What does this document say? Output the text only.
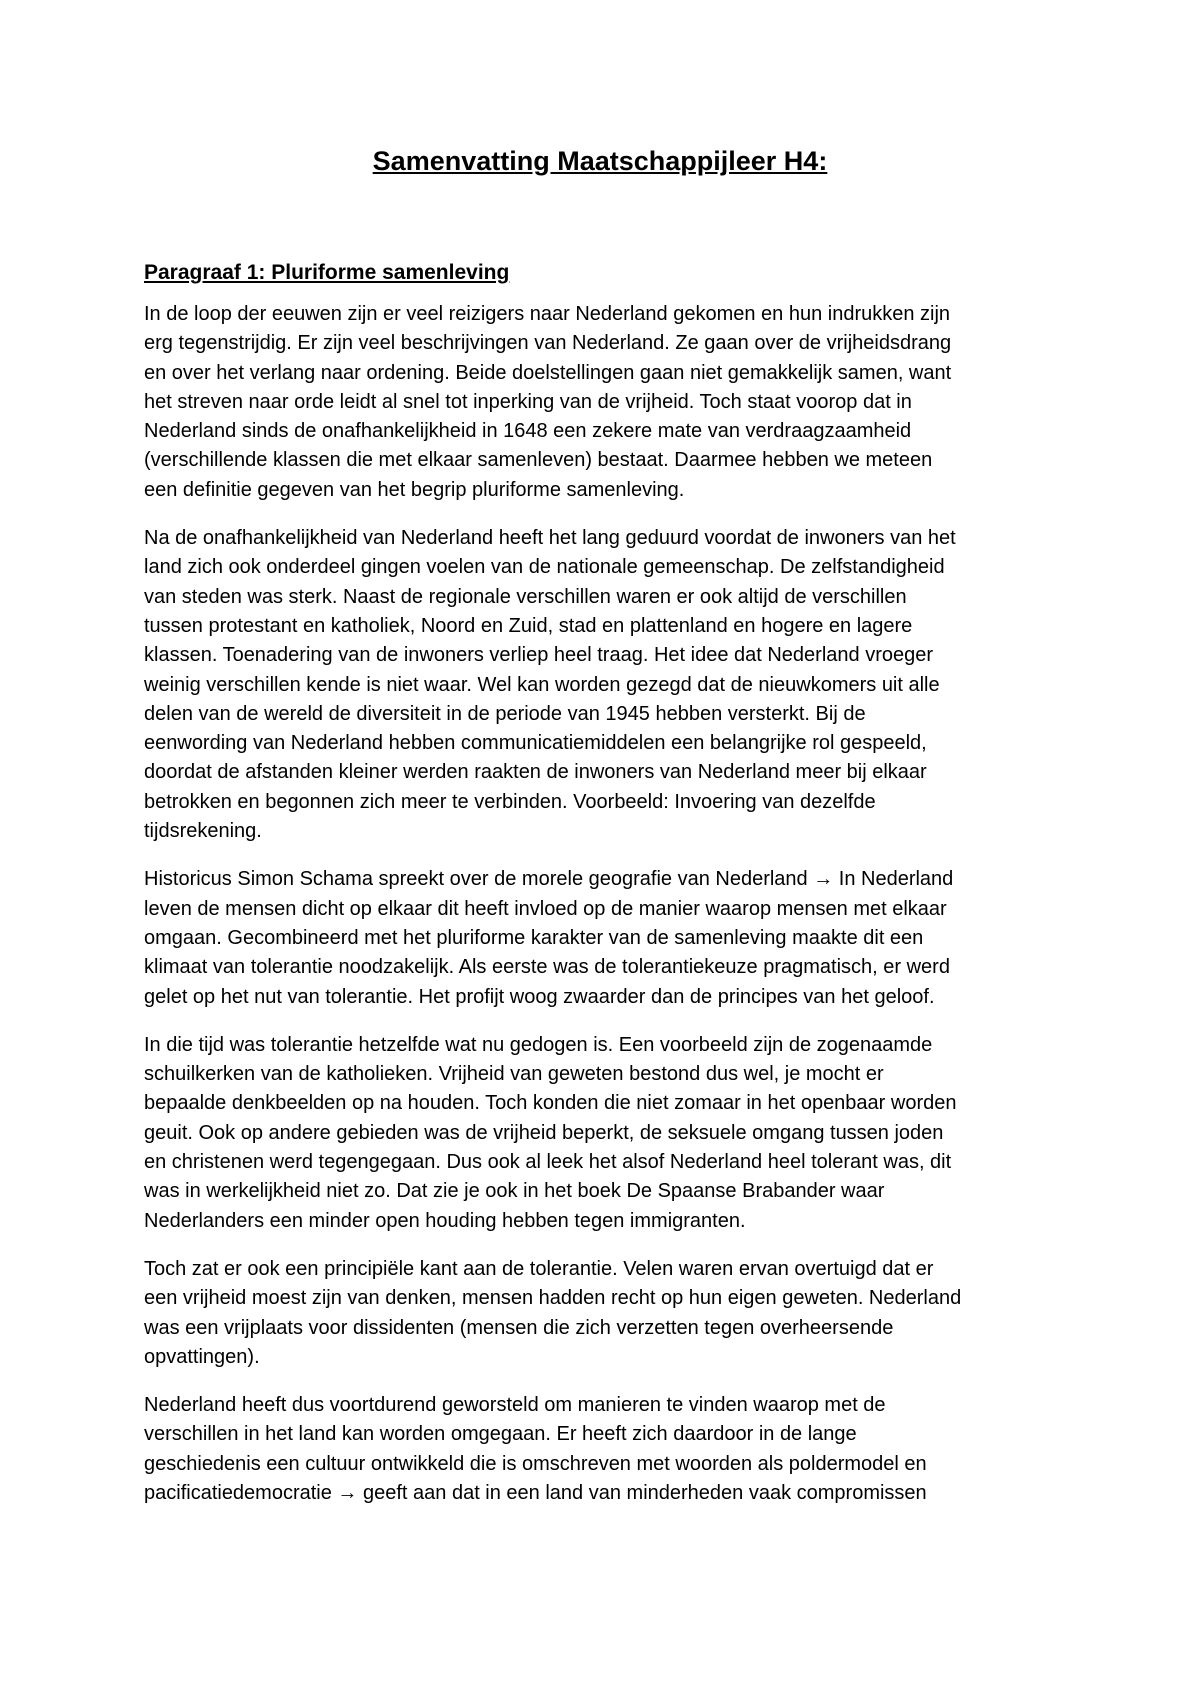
Samenvatting Maatschappijleer H4:
Paragraaf 1: Pluriforme samenleving

In de loop der eeuwen zijn er veel reizigers naar Nederland gekomen en hun indrukken zijn
erg tegenstrijdig. Er zijn veel beschrijvingen van Nederland. Ze gaan over de vrijheidsdrang
en over het verlang naar ordening. Beide doelstellingen gaan niet gemakkelijk samen, want
het streven naar orde leidt al snel tot inperking van de vrijheid. Toch staat voorop dat in
Nederland sinds de onafhankelijkheid in 1648 een zekere mate van verdraagzaamheid
(verschillende klassen die met elkaar samenleven) bestaat. Daarmee hebben we meteen
een definitie gegeven van het begrip pluriforme samenleving.

Na de onafhankelijkheid van Nederland heeft het lang geduurd voordat de inwoners van het
land zich ook onderdeel gingen voelen van de nationale gemeenschap. De zelfstandigheid
van steden was sterk. Naast de regionale verschillen waren er ook altijd de verschillen
tussen protestant en katholiek, Noord en Zuid, stad en plattenland en hogere en lagere
klassen. Toenadering van de inwoners verliep heel traag. Het idee dat Nederland vroeger
weinig verschillen kende is niet waar. Wel kan worden gezegd dat de nieuwkomers uit alle
delen van de wereld de diversiteit in de periode van 1945 hebben versterkt. Bij de
eenwording van Nederland hebben communicatiemiddelen een belangrijke rol gespeeld,
doordat de afstanden kleiner werden raakten de inwoners van Nederland meer bij elkaar
betrokken en begonnen zich meer te verbinden. Voorbeeld: Invoering van dezelfde
tijdsrekening.

Historicus Simon Schama spreekt over de morele geografie van Nederland → In Nederland
leven de mensen dicht op elkaar dit heeft invloed op de manier waarop mensen met elkaar
omgaan. Gecombineerd met het pluriforme karakter van de samenleving maakte dit een
klimaat van tolerantie noodzakelijk. Als eerste was de tolerantiekeuze pragmatisch, er werd
gelet op het nut van tolerantie. Het profijt woog zwaarder dan de principes van het geloof.

In die tijd was tolerantie hetzelfde wat nu gedogen is. Een voorbeeld zijn de zogenaamde
schuilkerken van de katholieken. Vrijheid van geweten bestond dus wel, je mocht er
bepaalde denkbeelden op na houden. Toch konden die niet zomaar in het openbaar worden
geuit. Ook op andere gebieden was de vrijheid beperkt, de seksuele omgang tussen joden
en christenen werd tegengegaan. Dus ook al leek het alsof Nederland heel tolerant was, dit
was in werkelijkheid niet zo. Dat zie je ook in het boek De Spaanse Brabander waar
Nederlanders een minder open houding hebben tegen immigranten.

Toch zat er ook een principiële kant aan de tolerantie. Velen waren ervan overtuigd dat er
een vrijheid moest zijn van denken, mensen hadden recht op hun eigen geweten. Nederland
was een vrijplaats voor dissidenten (mensen die zich verzetten tegen overheersende
opvattingen).

Nederland heeft dus voortdurend geworsteld om manieren te vinden waarop met de
verschillen in het land kan worden omgegaan. Er heeft zich daardoor in de lange
geschiedenis een cultuur ontwikkeld die is omschreven met woorden als poldermodel en
pacificatiedemocratie → geeft aan dat in een land van minderheden vaak compromissen
